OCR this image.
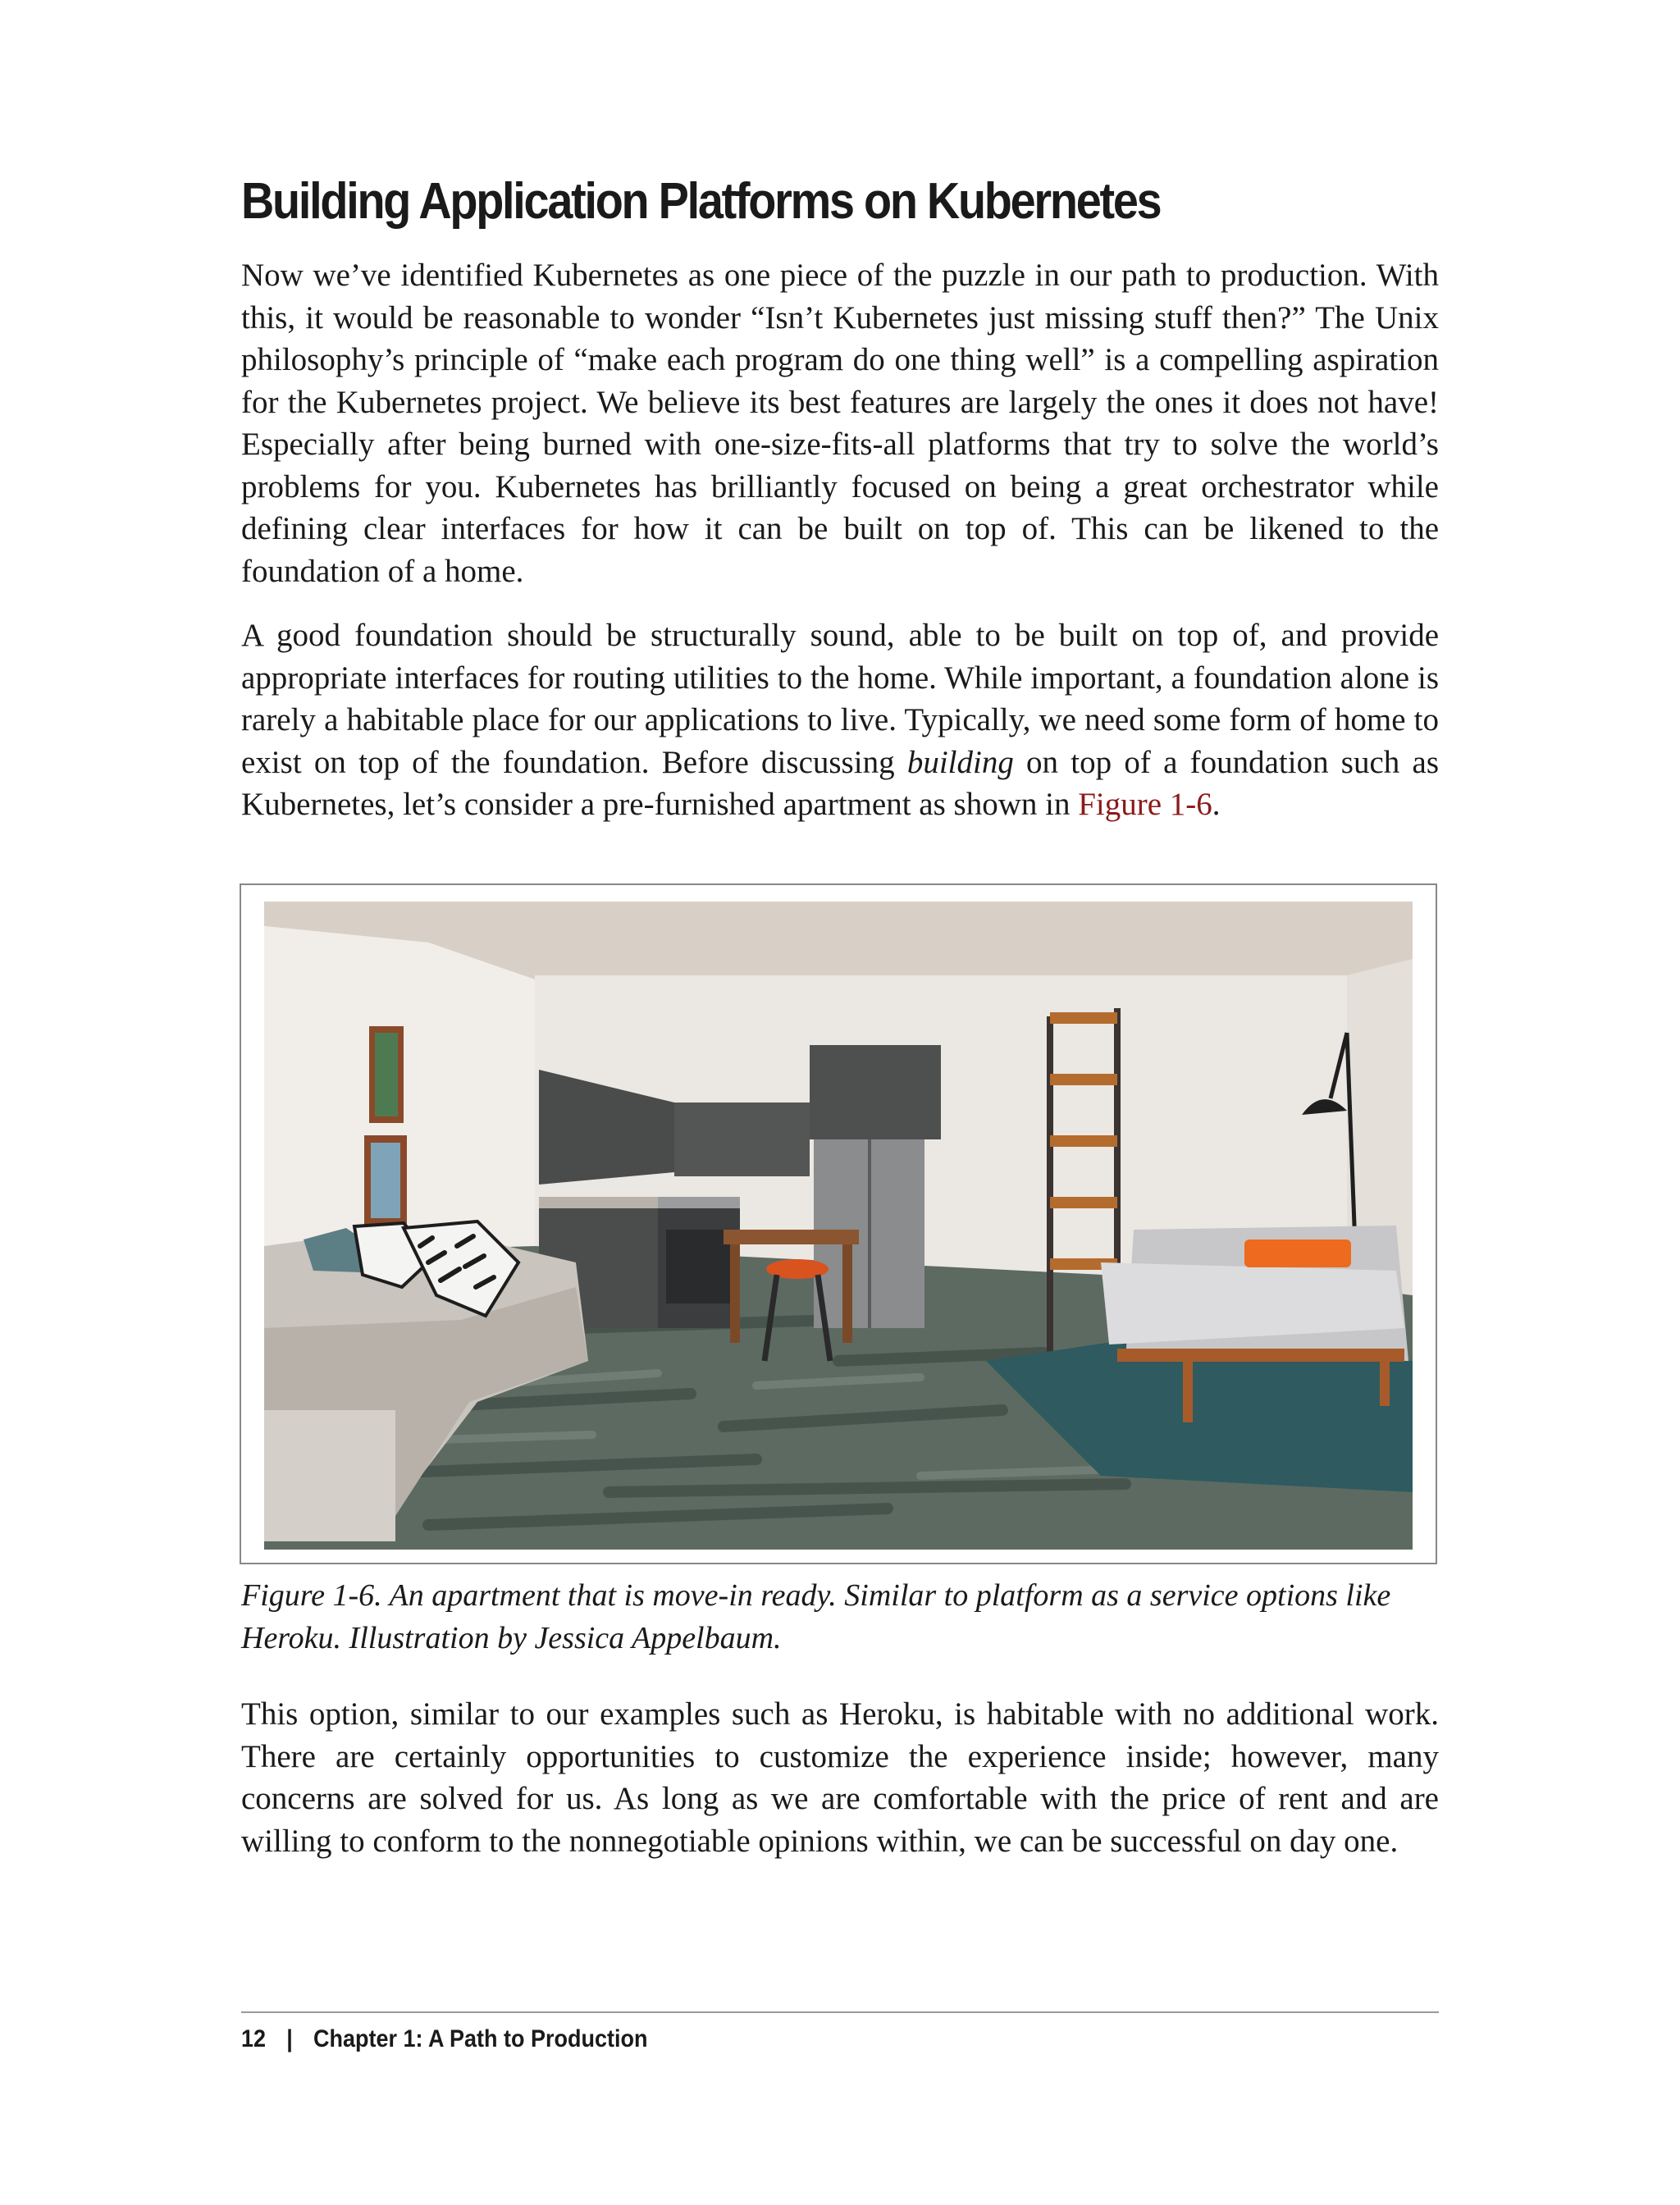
Building Application Platforms on Kubernetes

Now we’ve identified Kubernetes as one piece of the puzzle in our path to production. With this, it would be reasonable to wonder “Isn’t Kubernetes just missing stuff then?” The Unix philosophy’s principle of “make each program do one thing well” is a compelling aspiration for the Kubernetes project. We believe its best features are largely the ones it does not have! Especially after being burned with one-size-fits-all platforms that try to solve the world’s problems for you. Kubernetes has brilliantly focused on being a great orchestrator while defining clear interfaces for how it can be built on top of. This can be likened to the foundation of a home.

A good foundation should be structurally sound, able to be built on top of, and provide appropriate interfaces for routing utilities to the home. While important, a foundation alone is rarely a habitable place for our applications to live. Typically, we need some form of home to exist on top of the foundation. Before discussing building on top of a foundation such as Kubernetes, let’s consider a pre-furnished apartment as shown in Figure 1-6.

Figure 1-6. An apartment that is move-in ready. Similar to platform as a service options like Heroku. Illustration by Jessica Appelbaum.

This option, similar to our examples such as Heroku, is habitable with no additional work. There are certainly opportunities to customize the experience inside; however, many concerns are solved for us. As long as we are comfortable with the price of rent and are willing to conform to the nonnegotiable opinions within, we can be successful on day one.

12 | Chapter 1: A Path to Production
